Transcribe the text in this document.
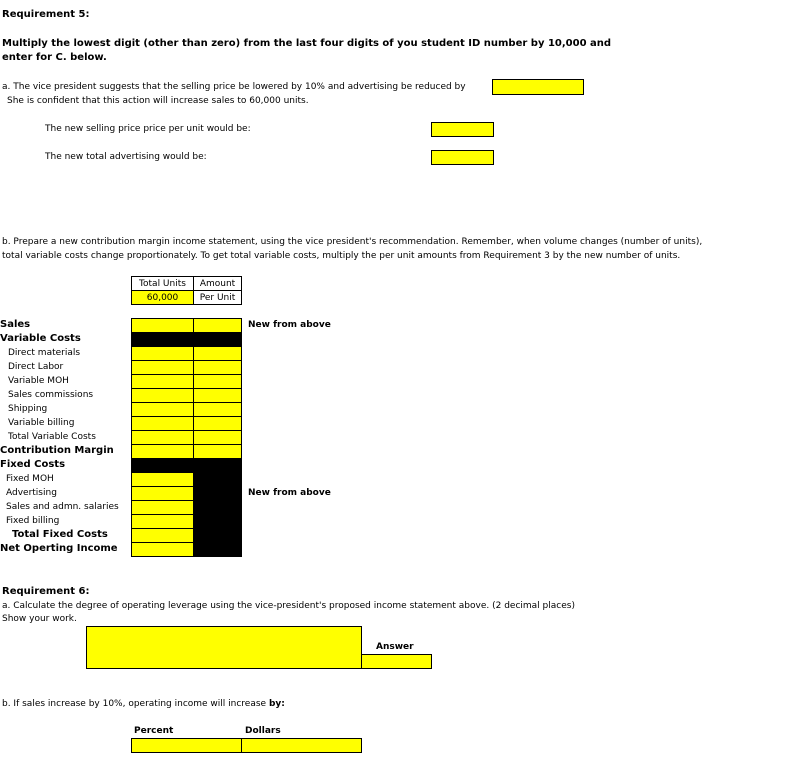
Requirement 5:
Multiply the lowest digit (other than zero) from the last four digits of you student ID number by 10,000 and
enter for C. below.
a. The vice president suggests that the selling price be lowered by 10% and advertising be reduced by
She is confident that this action will increase sales to 60,000 units.
The new selling price price per unit would be:
The new total advertising would be:
b. Prepare a new contribution margin income statement, using the vice president's recommendation. Remember, when volume changes (number of units),
total variable costs change proportionately. To get total variable costs, multiply the per unit amounts from Requirement 3 by the new number of units.
Total Units
60,000
Amount
Per Unit
Sales
Variable Costs
Direct materials
Direct Labor
Variable MOH
Sales commissions
Shipping
Variable billing
Total Variable Costs
Contribution Margin
Fixed Costs
Fixed MOH
Advertising
Sales and admn. salaries
Fixed billing
Total Fixed Costs
Net Operting Income
New from above
New from above
Requirement 6:
a. Calculate the degree of operating leverage using the vice-president's proposed income statement above. (2 decimal places)
Show your work.
Answer
b. If sales increase by 10%, operating income will increase by:
Percent	Dollars
